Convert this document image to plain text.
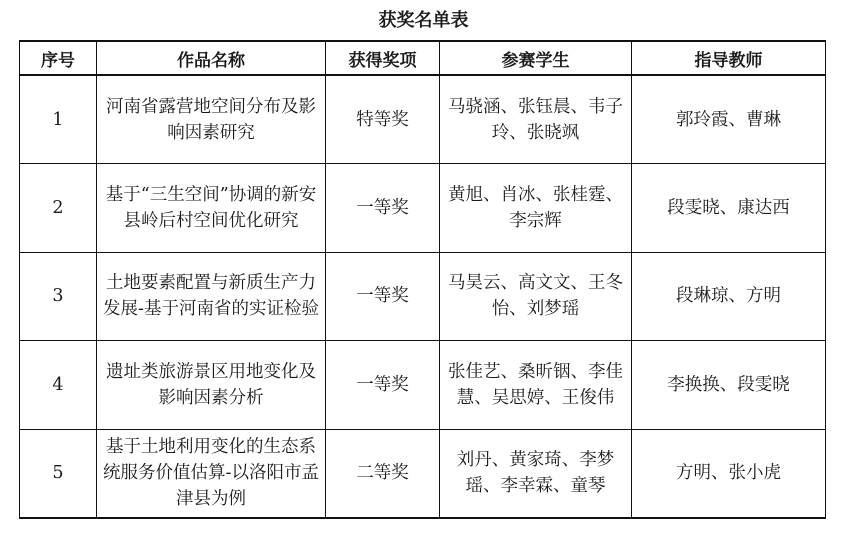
获奖名单表
序号	作品名称	获得奖项	参赛学生	指导教师
1	河南省露营地空间分布及影响因素研究	特等奖	马骁涵、张钰晨、韦子玲、张晓飒	郭玲霞、曹琳
2	基于“三生空间”协调的新安县岭后村空间优化研究	一等奖	黄旭、肖冰、张桂霆、李宗辉	段雯晓、康达西
3	土地要素配置与新质生产力发展-基于河南省的实证检验	一等奖	马昊云、高文文、王冬怡、刘梦瑶	段琳琼、方明
4	遗址类旅游景区用地变化及影响因素分析	一等奖	张佳艺、桑昕铟、李佳慧、吴思婷、王俊伟	李换换、段雯晓
5	基于土地利用变化的生态系统服务价值估算-以洛阳市孟津县为例	二等奖	刘丹、黄家琦、李梦瑶、李幸霖、童琴	方明、张小虎
